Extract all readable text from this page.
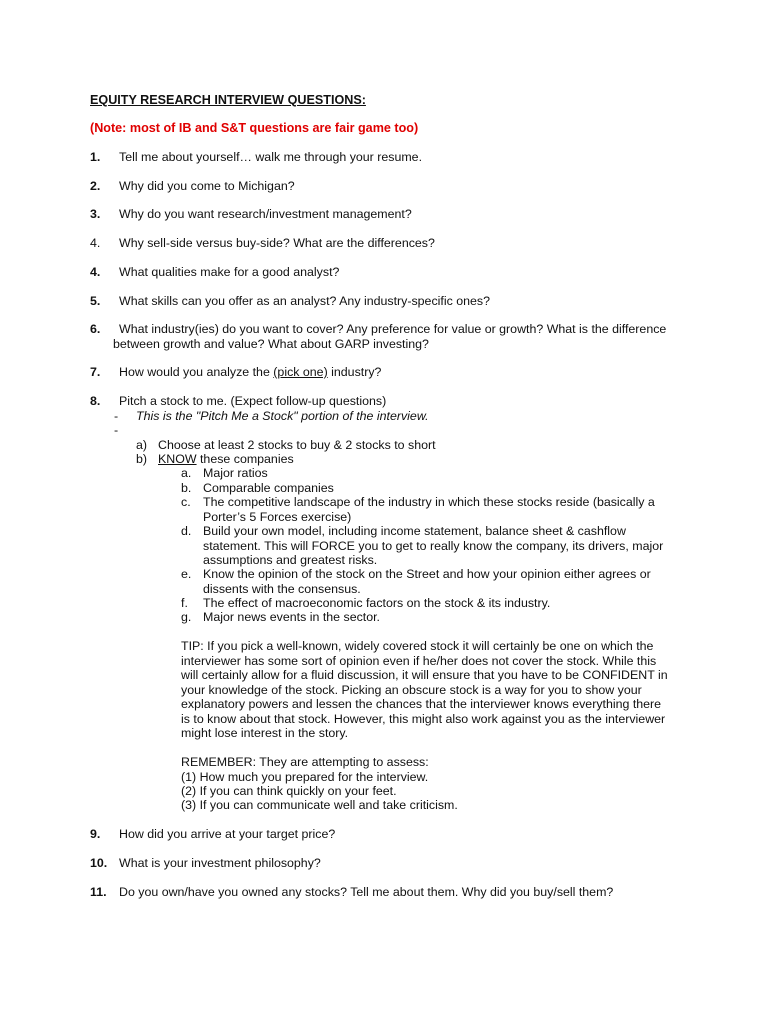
EQUITY RESEARCH INTERVIEW QUESTIONS:
(Note: most of IB and S&T questions are fair game too)
1. Tell me about yourself… walk me through your resume.
2. Why did you come to Michigan?
3. Why do you want research/investment management?
4. Why sell-side versus buy-side? What are the differences?
4. What qualities make for a good analyst?
5. What skills can you offer as an analyst? Any industry-specific ones?
6. What industry(ies) do you want to cover? Any preference for value or growth? What is the difference
between growth and value? What about GARP investing?
7. How would you analyze the (pick one) industry?
8. Pitch a stock to me. (Expect follow-up questions)
- This is the "Pitch Me a Stock" portion of the interview.
-
a) Choose at least 2 stocks to buy & 2 stocks to short
b) KNOW these companies
a. Major ratios
b. Comparable companies
c. The competitive landscape of the industry in which these stocks reside (basically a
Porter’s 5 Forces exercise)
d. Build your own model, including income statement, balance sheet & cashflow
statement. This will FORCE you to get to really know the company, its drivers, major
assumptions and greatest risks.
e. Know the opinion of the stock on the Street and how your opinion either agrees or
dissents with the consensus.
f. The effect of macroeconomic factors on the stock & its industry.
g. Major news events in the sector.
TIP: If you pick a well-known, widely covered stock it will certainly be one on which the
interviewer has some sort of opinion even if he/her does not cover the stock. While this
will certainly allow for a fluid discussion, it will ensure that you have to be CONFIDENT in
your knowledge of the stock. Picking an obscure stock is a way for you to show your
explanatory powers and lessen the chances that the interviewer knows everything there
is to know about that stock. However, this might also work against you as the interviewer
might lose interest in the story.
REMEMBER: They are attempting to assess:
(1) How much you prepared for the interview.
(2) If you can think quickly on your feet.
(3) If you can communicate well and take criticism.
9. How did you arrive at your target price?
10. What is your investment philosophy?
11. Do you own/have you owned any stocks? Tell me about them. Why did you buy/sell them?
